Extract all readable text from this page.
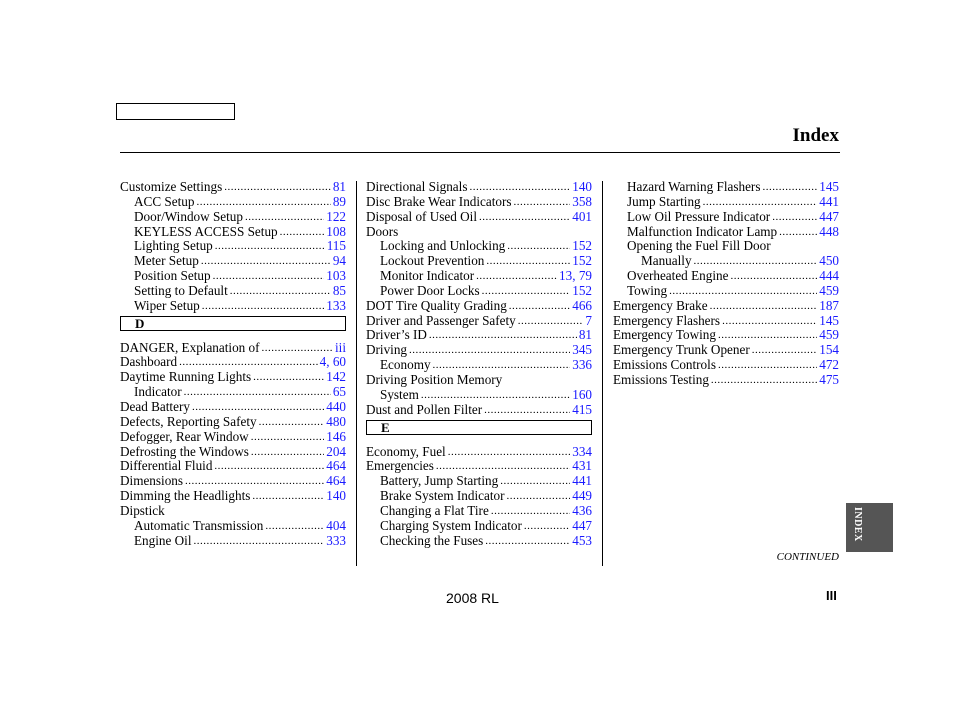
Index
Customize Settings .....	81
ACC Setup .....	89
Door/Window Setup .....	122
KEYLESS ACCESS Setup .....	108
Lighting Setup .....	115
Meter Setup .....	94
Position Setup .....	103
Setting to Default .....	85
Wiper Setup .....	133
D
DANGER, Explanation of .....	iii
Dashboard .....	4, 60
Daytime Running Lights .....	142
Indicator .....	65
Dead Battery .....	440
Defects, Reporting Safety .....	480
Defogger, Rear Window .....	146
Defrosting the Windows .....	204
Differential Fluid .....	464
Dimensions .....	464
Dimming the Headlights .....	140
Dipstick
Automatic Transmission .....	404
Engine Oil .....	333
Directional Signals .....	140
Disc Brake Wear Indicators .....	358
Disposal of Used Oil .....	401
Doors
Locking and Unlocking .....	152
Lockout Prevention .....	152
Monitor Indicator .....	13, 79
Power Door Locks .....	152
DOT Tire Quality Grading .....	466
Driver and Passenger Safety .....	7
Driver’s ID .....	81
Driving .....	345
Economy .....	336
Driving Position Memory
System .....	160
Dust and Pollen Filter .....	415
E
Economy, Fuel .....	334
Emergencies .....	431
Battery, Jump Starting .....	441
Brake System Indicator .....	449
Changing a Flat Tire .....	436
Charging System Indicator .....	447
Checking the Fuses .....	453
Hazard Warning Flashers .....	145
Jump Starting .....	441
Low Oil Pressure Indicator .....	447
Malfunction Indicator Lamp .....	448
Opening the Fuel Fill Door
Manually .....	450
Overheated Engine .....	444
Towing .....	459
Emergency Brake .....	187
Emergency Flashers .....	145
Emergency Towing .....	459
Emergency Trunk Opener .....	154
Emissions Controls .....	472
Emissions Testing .....	475
CONTINUED
2008 RL	III
INDEX
